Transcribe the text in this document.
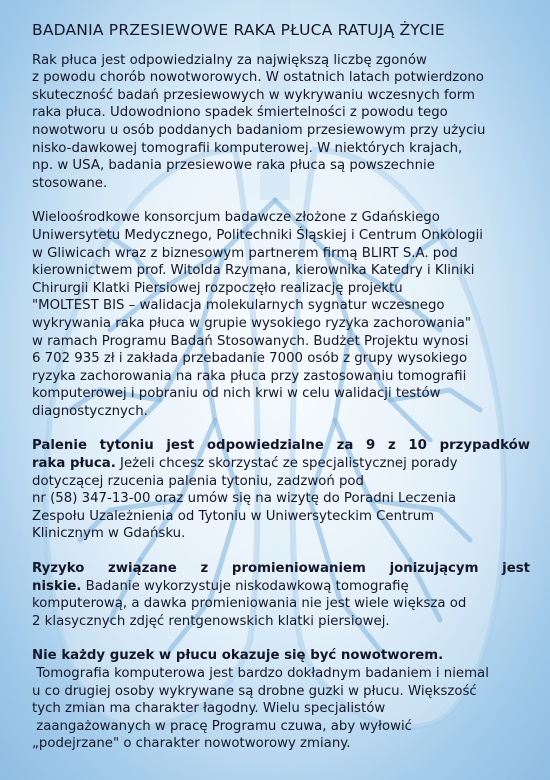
BADANIA PRZESIEWOWE RAKA PŁUCA RATUJĄ ŻYCIE

Rak płuca jest odpowiedzialny za największą liczbę zgonów
z powodu chorób nowotworowych. W ostatnich latach potwierdzono
skuteczność badań przesiewowych w wykrywaniu wczesnych form
raka płuca. Udowodniono spadek śmiertelności z powodu tego
nowotworu u osób poddanych badaniom przesiewowym przy użyciu
nisko-dawkowej tomografii komputerowej. W niektórych krajach,
np. w USA, badania przesiewowe raka płuca są powszechnie
stosowane.

Wieloośrodkowe konsorcjum badawcze złożone z Gdańskiego
Uniwersytetu Medycznego, Politechniki Śląskiej i Centrum Onkologii
w Gliwicach wraz z biznesowym partnerem firmą BLIRT S.A. pod
kierownictwem prof. Witolda Rzymana, kierownika Katedry i Kliniki
Chirurgii Klatki Piersiowej rozpoczęło realizację projektu
"MOLTEST BIS – walidacja molekularnych sygnatur wczesnego
wykrywania raka płuca w grupie wysokiego ryzyka zachorowania"
w ramach Programu Badań Stosowanych. Budżet Projektu wynosi
6 702 935 zł i zakłada przebadanie 7000 osób z grupy wysokiego
ryzyka zachorowania na raka płuca przy zastosowaniu tomografii
komputerowej i pobraniu od nich krwi w celu walidacji testów
diagnostycznych.

Palenie tytoniu jest odpowiedzialne za 9 z 10 przypadków
raka płuca. Jeżeli chcesz skorzystać ze specjalistycznej porady
dotyczącej rzucenia palenia tytoniu, zadzwoń pod
nr (58) 347-13-00 oraz umów się na wizytę do Poradni Leczenia
Zespołu Uzależnienia od Tytoniu w Uniwersyteckim Centrum
Klinicznym w Gdańsku.

Ryzyko związane z promieniowaniem jonizującym jest
niskie. Badanie wykorzystuje niskodawkową tomografię
komputerową, a dawka promieniowania nie jest wiele większa od
2 klasycznych zdjęć rentgenowskich klatki piersiowej.

Nie każdy guzek w płucu okazuje się być nowotworem.
Tomografia komputerowa jest bardzo dokładnym badaniem i niemal
u co drugiej osoby wykrywane są drobne guzki w płucu. Większość
tych zmian ma charakter łagodny. Wielu specjalistów
zaangażowanych w pracę Programu czuwa, aby wyłowić
„podejrzane" o charakter nowotworowy zmiany.
